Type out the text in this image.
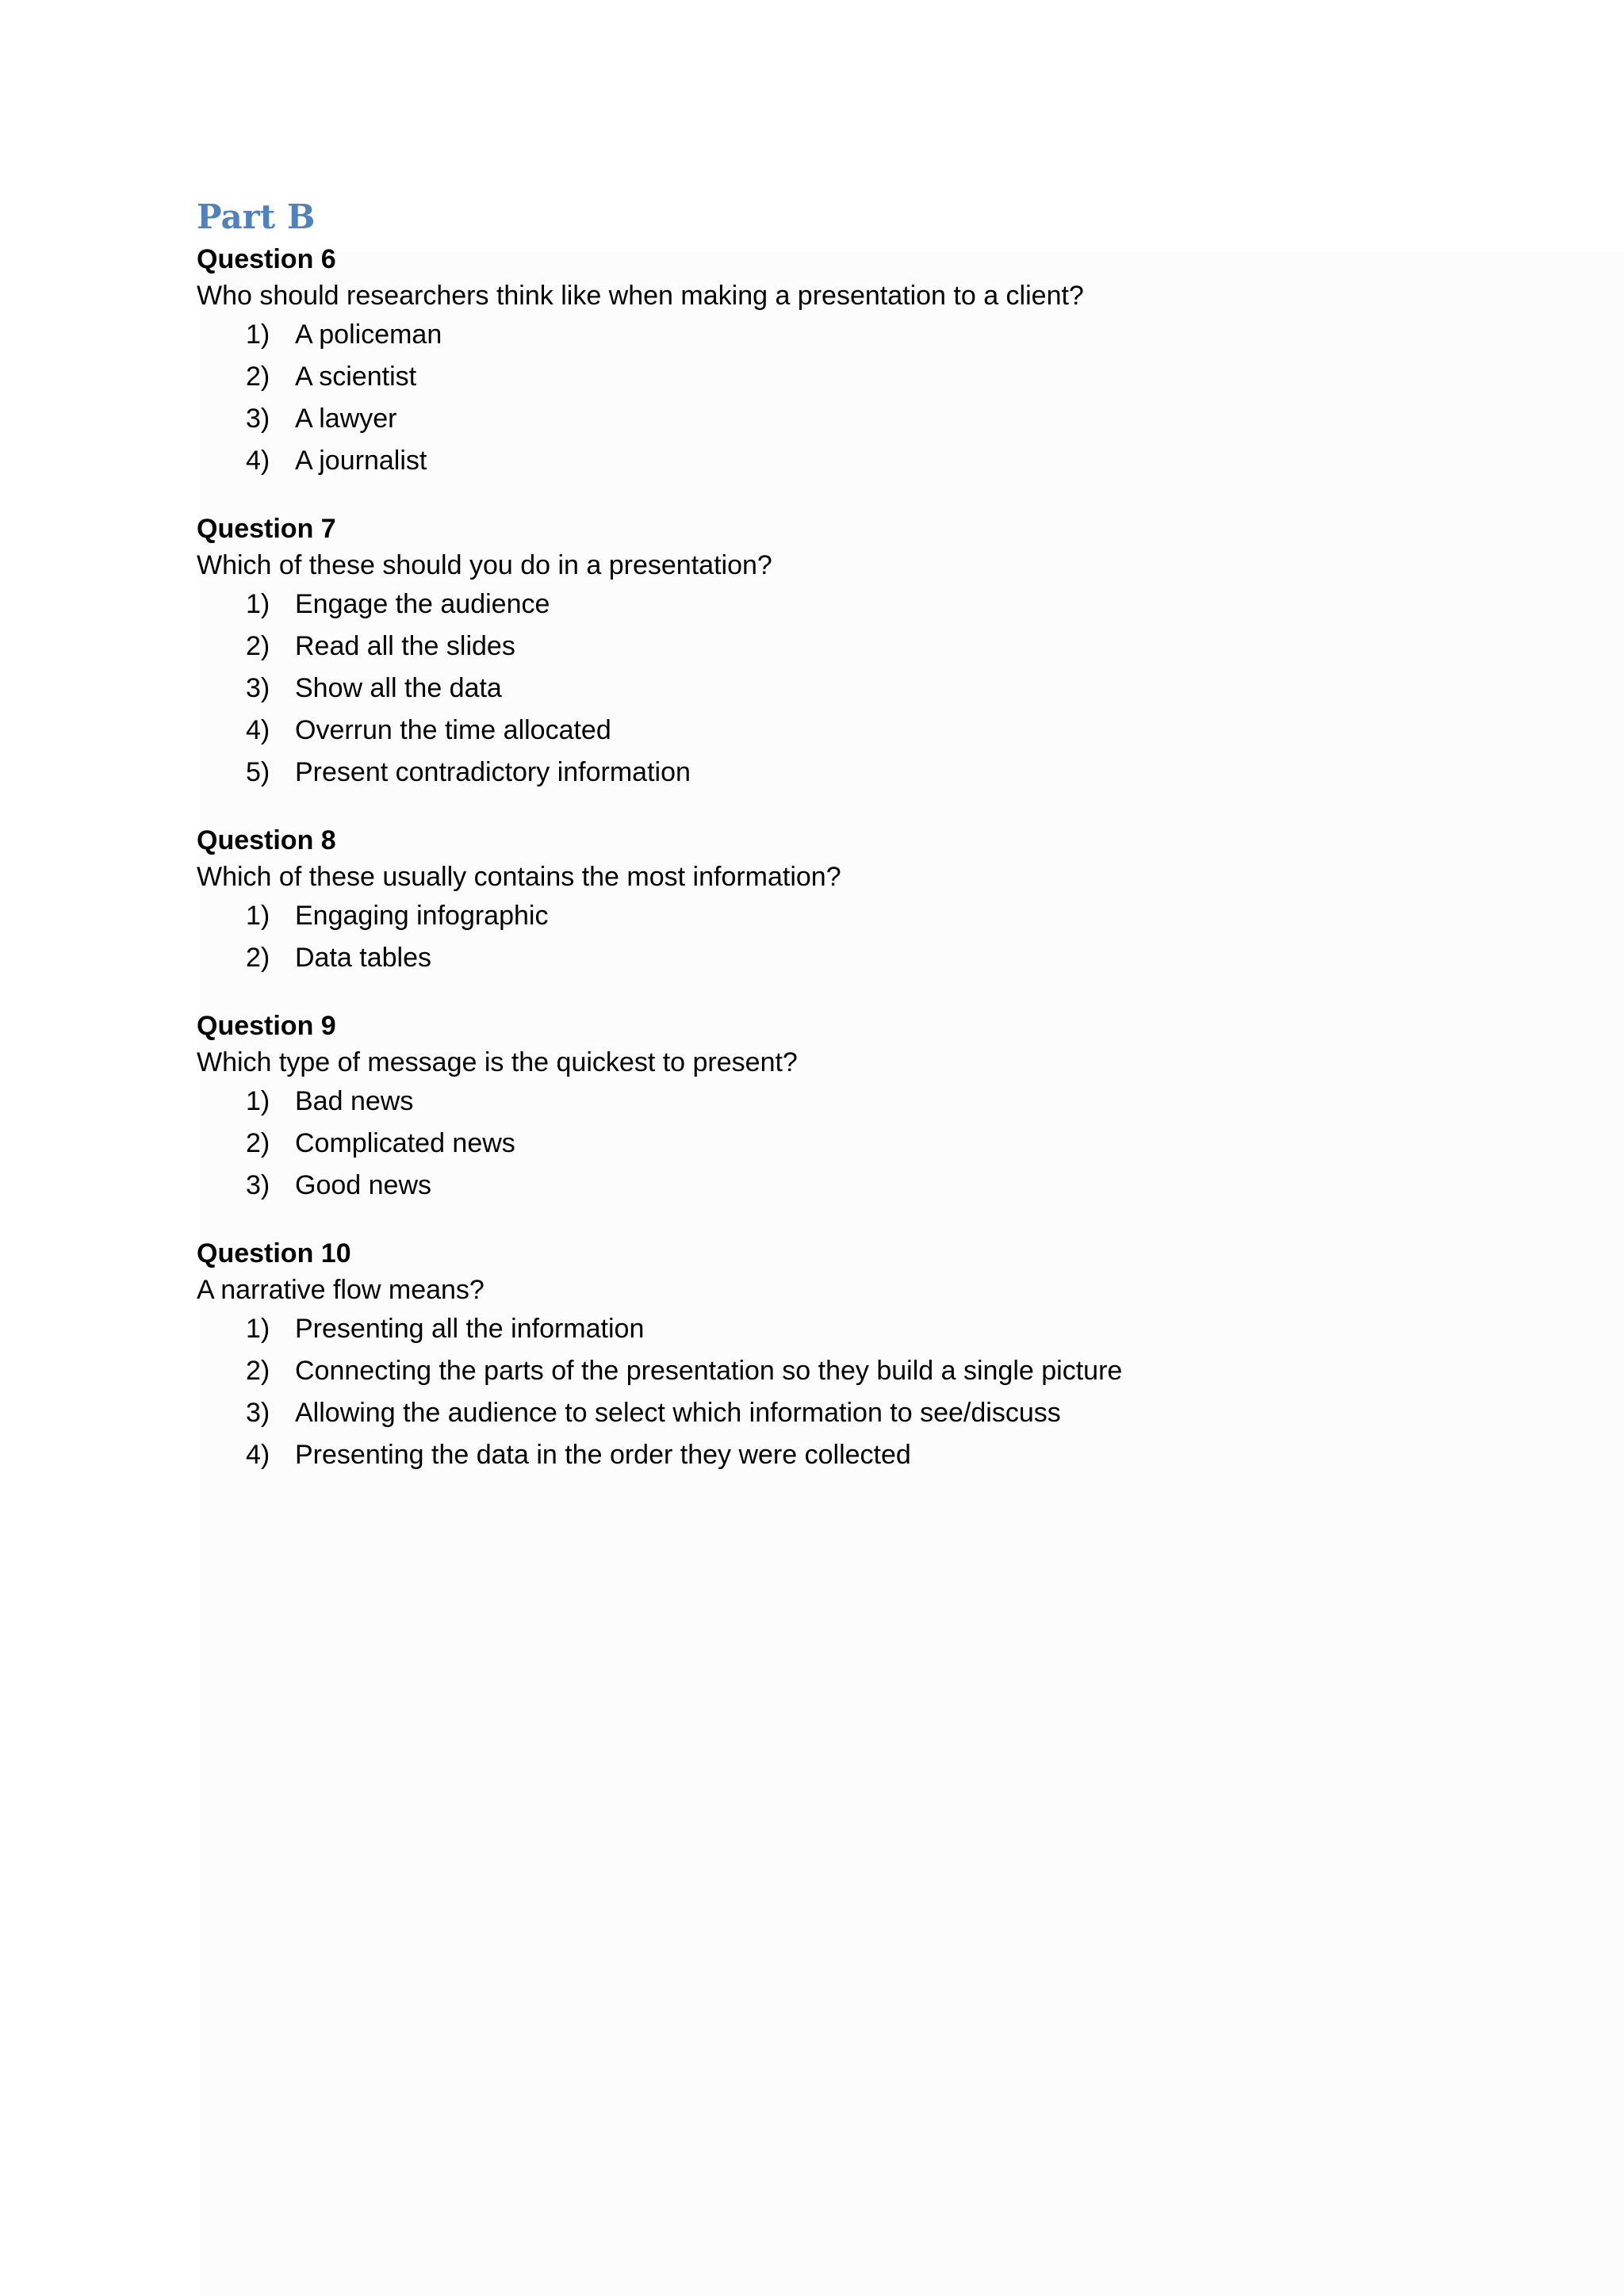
Part B
Question 6
Who should researchers think like when making a presentation to a client?
1) A policeman
2) A scientist
3) A lawyer
4) A journalist
Question 7
Which of these should you do in a presentation?
1) Engage the audience
2) Read all the slides
3) Show all the data
4) Overrun the time allocated
5) Present contradictory information
Question 8
Which of these usually contains the most information?
1) Engaging infographic
2) Data tables
Question 9
Which type of message is the quickest to present?
1) Bad news
2) Complicated news
3) Good news
Question 10
A narrative flow means?
1) Presenting all the information
2) Connecting the parts of the presentation so they build a single picture
3) Allowing the audience to select which information to see/discuss
4) Presenting the data in the order they were collected
